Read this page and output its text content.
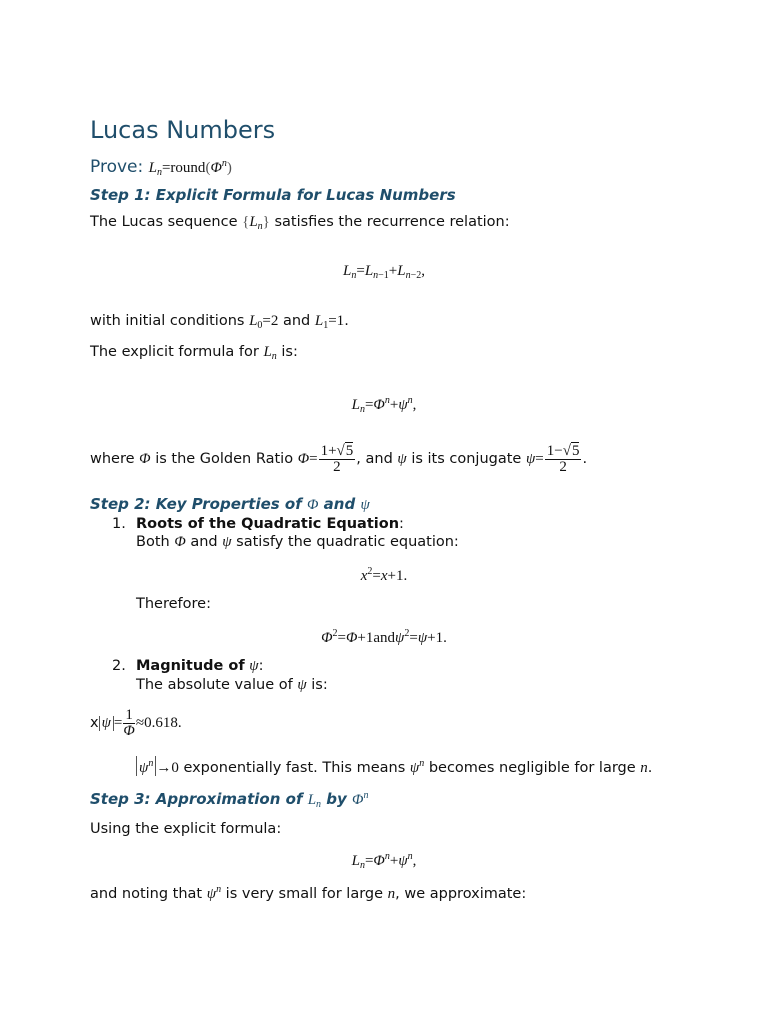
Lucas Numbers
Prove: $L_n=round(\Phi^n)$
Step 1: Explicit Formula for Lucas Numbers
The Lucas sequence $\{L_n\}$ satisfies the recurrence relation:
$L_n=L_{n-1}+L_{n-2}$,
with initial conditions $L_0=2$ and $L_1=1$.
The explicit formula for $L_n$ is:
$L_n=\Phi^n+\psi^n$,
where Φ is the Golden Ratio $\Phi= \frac{1+√5}{2}$ , and ψ is its conjugate $\psi= \frac{1-√5}{2}$ .
Step 2: Key Properties of Φ and ψ
1. Roots of the Quadratic Equation:
Both Φ and ψ satisfy the quadratic equation:
$x^2=x+1$.
Therefore:
$\Phi^2=\Phi+1and\psi^2=\psi+1$.
2. Magnitude of ψ:
The absolute value of ψ is:
x $\psi = \frac{1}{\Phi} \approx 0.618$.
$\psi^n \to 0$ exponentially fast. This means $\psi^n$ becomes negligible for large n.
Step 3: Approximation of $L_n$ by $\Phi^n$
Using the explicit formula:
$L_n=\Phi^n+\psi^n$,
and noting that $\psi^n$ is very small for large n, we approximate:
